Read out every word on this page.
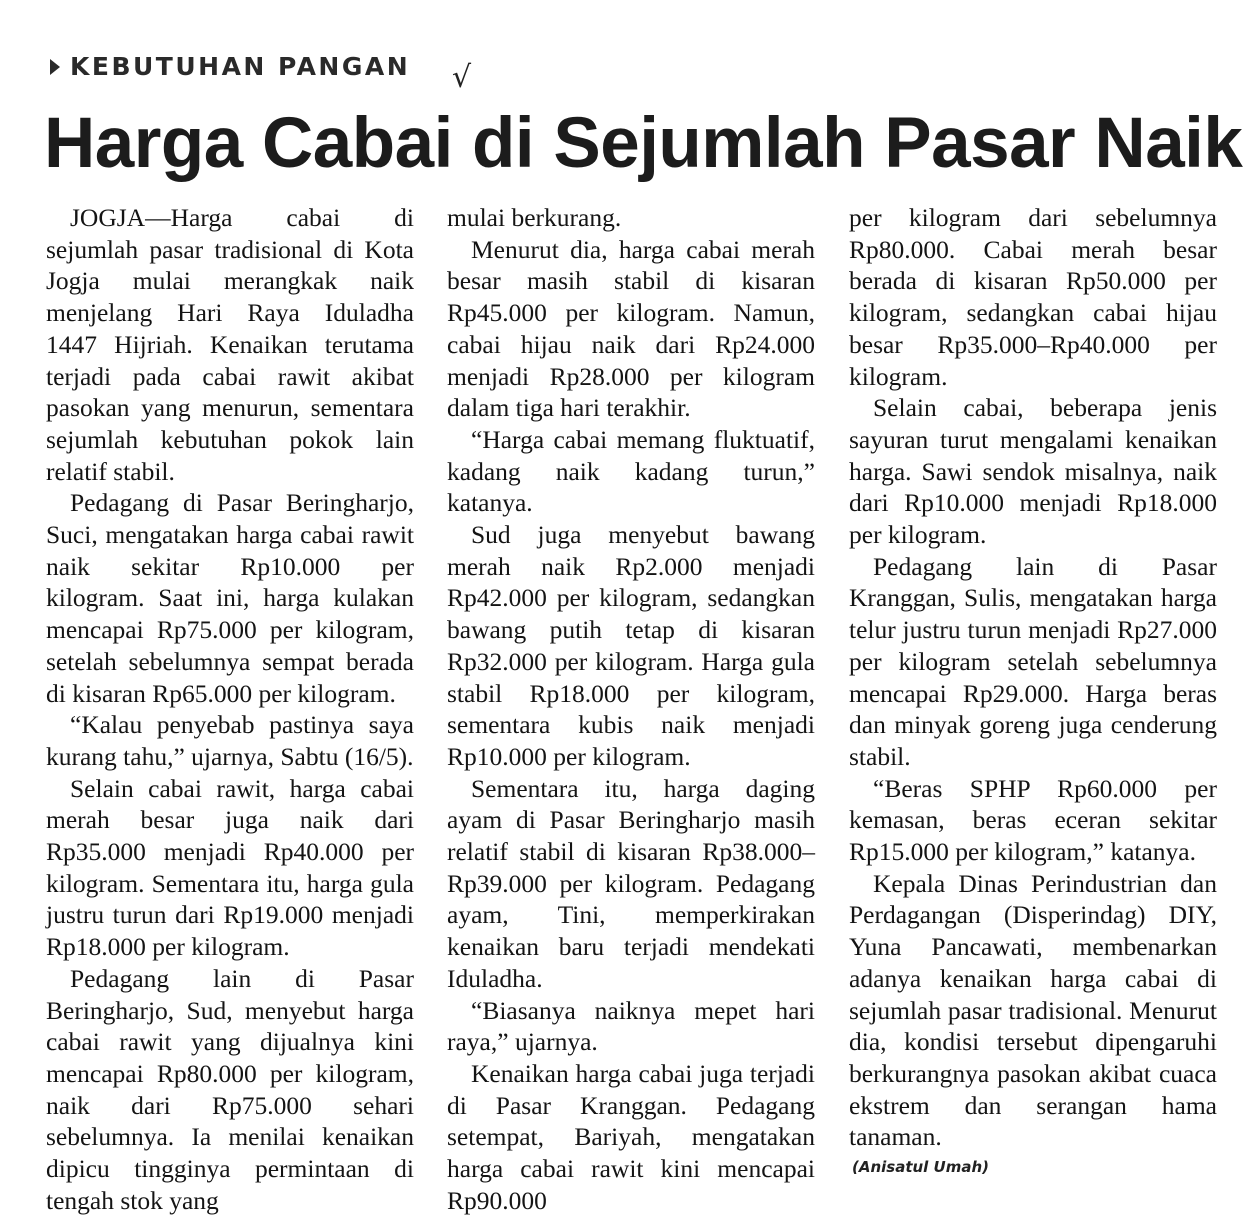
KEBUTUHAN PANGAN √
Harga Cabai di Sejumlah Pasar Naik

JOGJA—Harga cabai di sejumlah pasar tradisional di Kota Jogja mulai merangkak naik menjelang Hari Raya Iduladha 1447 Hijriah. Kenaikan terutama terjadi pada cabai rawit akibat pasokan yang menurun, sementara sejumlah kebutuhan pokok lain relatif stabil.

Pedagang di Pasar Beringharjo, Suci, mengatakan harga cabai rawit naik sekitar Rp10.000 per kilogram. Saat ini, harga kulakan mencapai Rp75.000 per kilogram, setelah sebelumnya sempat berada di kisaran Rp65.000 per kilogram.

“Kalau penyebab pastinya saya kurang tahu,” ujarnya, Sabtu (16/5).

Selain cabai rawit, harga cabai merah besar juga naik dari Rp35.000 menjadi Rp40.000 per kilogram. Sementara itu, harga gula justru turun dari Rp19.000 menjadi Rp18.000 per kilogram.

Pedagang lain di Pasar Beringharjo, Sud, menyebut harga cabai rawit yang dijualnya kini mencapai Rp80.000 per kilogram, naik dari Rp75.000 sehari sebelumnya. Ia menilai kenaikan dipicu tingginya permintaan di tengah stok yang

mulai berkurang.

Menurut dia, harga cabai merah besar masih stabil di kisaran Rp45.000 per kilogram. Namun, cabai hijau naik dari Rp24.000 menjadi Rp28.000 per kilogram dalam tiga hari terakhir.

“Harga cabai memang fluktuatif, kadang naik kadang turun,” katanya.

Sud juga menyebut bawang merah naik Rp2.000 menjadi Rp42.000 per kilogram, sedangkan bawang putih tetap di kisaran Rp32.000 per kilogram. Harga gula stabil Rp18.000 per kilogram, sementara kubis naik menjadi Rp10.000 per kilogram.

Sementara itu, harga daging ayam di Pasar Beringharjo masih relatif stabil di kisaran Rp38.000–Rp39.000 per kilogram. Pedagang ayam, Tini, memperkirakan kenaikan baru terjadi mendekati Iduladha.

“Biasanya naiknya mepet hari raya,” ujarnya.

Kenaikan harga cabai juga terjadi di Pasar Kranggan. Pedagang setempat, Bariyah, mengatakan harga cabai rawit kini mencapai Rp90.000

per kilogram dari sebelumnya Rp80.000. Cabai merah besar berada di kisaran Rp50.000 per kilogram, sedangkan cabai hijau besar Rp35.000–Rp40.000 per kilogram.

Selain cabai, beberapa jenis sayuran turut mengalami kenaikan harga. Sawi sendok misalnya, naik dari Rp10.000 menjadi Rp18.000 per kilogram.

Pedagang lain di Pasar Kranggan, Sulis, mengatakan harga telur justru turun menjadi Rp27.000 per kilogram setelah sebelumnya mencapai Rp29.000. Harga beras dan minyak goreng juga cenderung stabil.

“Beras SPHP Rp60.000 per kemasan, beras eceran sekitar Rp15.000 per kilogram,” katanya.

Kepala Dinas Perindustrian dan Perdagangan (Disperindag) DIY, Yuna Pancawati, membenarkan adanya kenaikan harga cabai di sejumlah pasar tradisional. Menurut dia, kondisi tersebut dipengaruhi berkurangnya pasokan akibat cuaca ekstrem dan serangan hama tanaman.

(Anisatul Umah)
